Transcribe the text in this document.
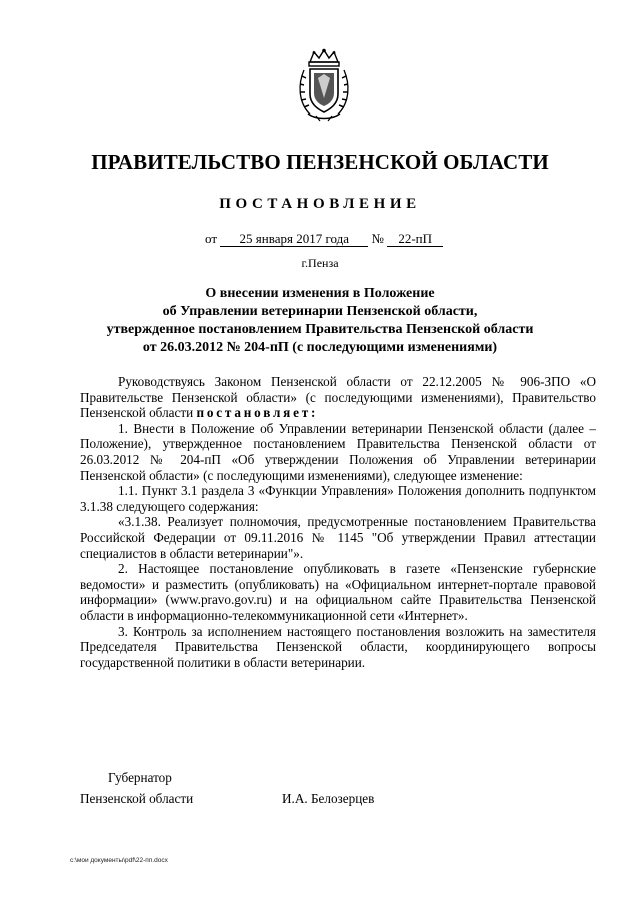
ПРАВИТЕЛЬСТВО ПЕНЗЕНСКОЙ ОБЛАСТИ
ПОСТАНОВЛЕНИЕ
от 25 января 2017 года № 22-пП
г.Пенза
О внесении изменения в Положение
об Управлении ветеринарии Пензенской области,
утвержденное постановлением Правительства Пензенской области
от 26.03.2012 № 204-пП (с последующими изменениями)

Руководствуясь Законом Пензенской области от 22.12.2005 № 906-ЗПО «О Правительстве Пензенской области» (с последующими изменениями), Правительство Пензенской области постановляет:

1. Внести в Положение об Управлении ветеринарии Пензенской области (далее – Положение), утвержденное постановлением Правительства Пензенской области от 26.03.2012 № 204-пП «Об утверждении Положения об Управлении ветеринарии Пензенской области» (с последующими изменениями), следующее изменение:

1.1. Пункт 3.1 раздела 3 «Функции Управления» Положения дополнить подпунктом 3.1.38 следующего содержания:

«3.1.38. Реализует полномочия, предусмотренные постановлением Правительства Российской Федерации от 09.11.2016 № 1145 "Об утверждении Правил аттестации специалистов в области ветеринарии"».

2. Настоящее постановление опубликовать в газете «Пензенские губернские ведомости» и разместить (опубликовать) на «Официальном интернет-портале правовой информации» (www.pravo.gov.ru) и на официальном сайте Правительства Пензенской области в информационно-телекоммуникационной сети «Интернет».

3. Контроль за исполнением настоящего постановления возложить на заместителя Председателя Правительства Пензенской области, координирующего вопросы государственной политики в области ветеринарии.

Губернатор
Пензенской области	И.А. Белозерцев
c:\мои документы\pdf\22-пп.docx
